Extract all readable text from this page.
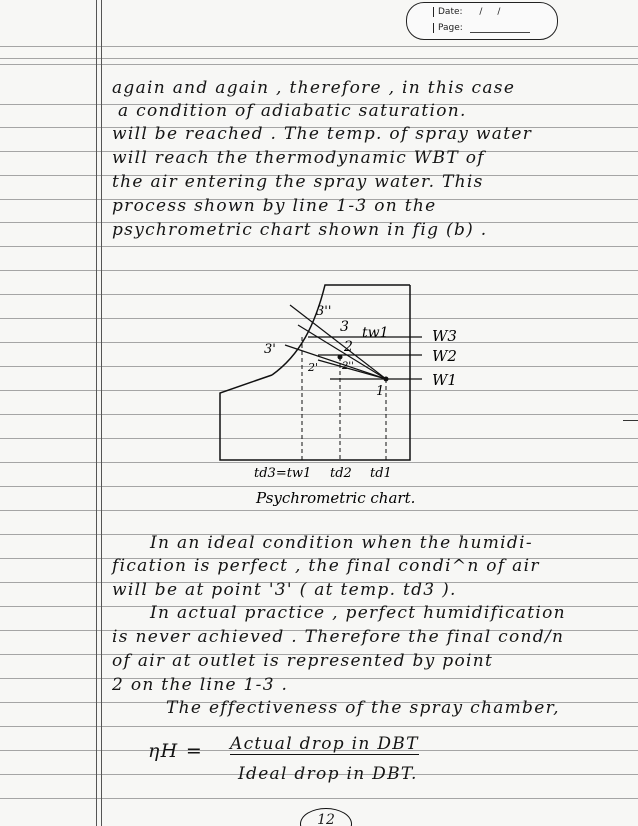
Date: / /
Page:
again and again , therefore , in this case
a condition of adiabatic saturation.
will be reached . The temp. of spray water
will reach the thermodynamic WBT of
the air entering the spray water. This
process shown by line 1-3 on the
psychrometric chart shown in fig (b) .
3''
3 tw1
3'	2
2''
2'
1
W3
W2
W1
td3=tw1 td2 td1
Psychrometric chart.
In an ideal condition when the humidi-
fication is perfect , the final condi^n of air
will be at point '3' ( at temp. td3 ).
In actual practice , perfect humidification
is never achieved . Therefore the final cond/n
of air at outlet is represented by point
2 on the line 1-3 .
The effectiveness of the spray chamber,
ηH = Actual drop in DBT
Ideal drop in DBT.
12
